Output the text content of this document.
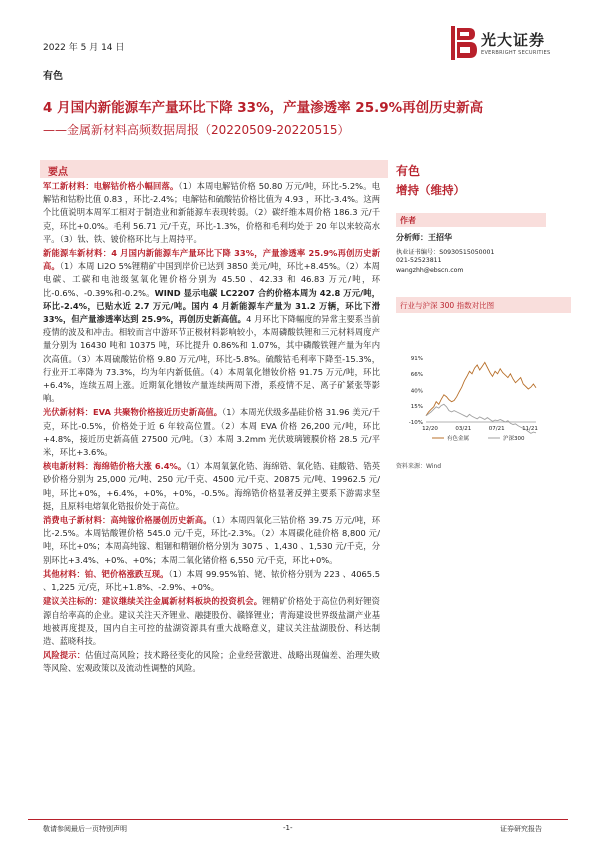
2022 年 5 月 14 日	光大证券
EVERBRIGHT SECURITIES
有色
4 月国内新能源车产量环比下降 33%，产量渗透率 25.9%再创历史新高
——金属新材料高频数据周报（20220509-20220515）
要点

军工新材料：电解钴价格小幅回落。（1）本周电解钴价格 50.80 万元/吨，环比-5.2%。电解钴和钴粉比值 0.83 ，环比-2.4%；电解钴和硫酸钴价格比值为 4.93 ，环比-3.4%。这两个比值说明本周军工相对于制造业和新能源车表现转弱。（2）碳纤维本周价格 186.3 元/千克，环比+0.0%。毛利 56.71 元/千克，环比-1.3%，价格和毛利均处于 20 年以来较高水平。（3）钛、铁、铍价格环比与上周持平。

新能源车新材料：4 月国内新能源车产量环比下降 33%，产量渗透率 25.9%再创历史新高。（1）本周 Li2O 5%锂精矿中国到岸价已达到 3850 美元/吨，环比+8.45%。（2）本周电碳、工碳和电池级氢氧化锂价格分别为 45.50 、42.33 和 46.83 万元/吨，环比-0.6%、-0.39%和-0.2%。WIND 显示电碳 LC2207 合约价格本周为 42.8 万元/吨，环比-2.4%，已贴水近 2.7 万元/吨。国内 4 月新能源车产量为 31.2 万辆，环比下滑 33%，但产量渗透率达到 25.9%，再创历史新高值。4 月环比下降幅度的异常主要系当前疫情的波及和冲击。相较而言中游环节正极材料影响较小，本周磷酸铁锂和三元材料周度产量分别为 16430 吨和 10375 吨，环比提升 0.86%和 1.07%，其中磷酸铁锂产量为年内次高值。（3）本周硫酸钴价格 9.80 万元/吨，环比-5.8%。硫酸钴毛利率下降至-15.3%，行业开工率降为 73.3%，均为年内新低值。（4）本周氧化镨钕价格 91.75 万元/吨，环比+6.4%，连续五周上涨。近期氧化镨钕产量连续两周下滑，系疫情不足、离子矿紧张等影响。

光伏新材料：EVA 共聚物价格接近历史新高值。（1）本周光伏级多晶硅价格 31.96 美元/千克，环比-0.5%，价格处于近 6 年较高位置。（2）本周 EVA 价格 26,200 元/吨，环比+4.8%，接近历史新高值 27500 元/吨。（3）本周 3.2mm 光伏玻璃镀膜价格 28.5 元/平米，环比+3.6%。

核电新材料：海绵锆价格大涨 6.4%。（1）本周氧氯化锆、海绵锆、氧化锆、硅酸锆、锆英砂价格分别为 25,000 元/吨、250 元/千克、4500 元/千克、20875 元/吨、19962.5 元/吨，环比+0%，+6.4%，+0%，+0%，-0.5%。海绵锆价格显著反弹主要系下游需求坚挺，且原料电熔氧化锆报价处于高位。

消费电子新材料：高纯镓价格屡创历史新高。（1）本周四氧化三钴价格 39.75 万元/吨，环比-2.5%。本周钴酸锂价格 545.0 元/千克，环比-2.3%。（2）本周碳化硅价格 8,800 元/吨，环比+0%；本周高纯镓、粗锢和精锢价格分别为 3075 、1,430 、1,530 元/千克，分别环比+3.4%、+0%、+0%；本周二氧化锗价格 6,550 元/千克，环比+0%。

其他材料：铂、钯价格涨跌互现。（1）本周 99.95%铂、铑、铱价格分别为 223 、4065.5 、1,225 元/克，环比+1.8%、-2.9%、+0%。

建议关注标的：建议继续关注金属新材料板块的投资机会。锂精矿价格处于高位仍利好锂资源自给率高的企业。建议关注天齐锂业、融捷股份、赣锋锂业；青海建设世界级盐湖产业基地被再度提及，国内自主可控的盐湖资源具有重大战略意义，建议关注盐湖股份、科达制造、蓝晓科技。

风险提示：估值过高风险；技术路径变化的风险；企业经营激进、战略出现偏差、治理失败等风险、宏观政策以及流动性调整的风险。

有色
增持（维持）
作者
分析师：王招华
执业证书编号：S0930515050001
021-52523811
wangzhh@ebscn.com
行业与沪深 300 指数对比图
91%
66%
40%
15%
-10%
12/20	03/21	07/21	11/21
有色金属	沪深300
资料来源：Wind
敬请参阅最后一页特别声明	-1-	证券研究报告
